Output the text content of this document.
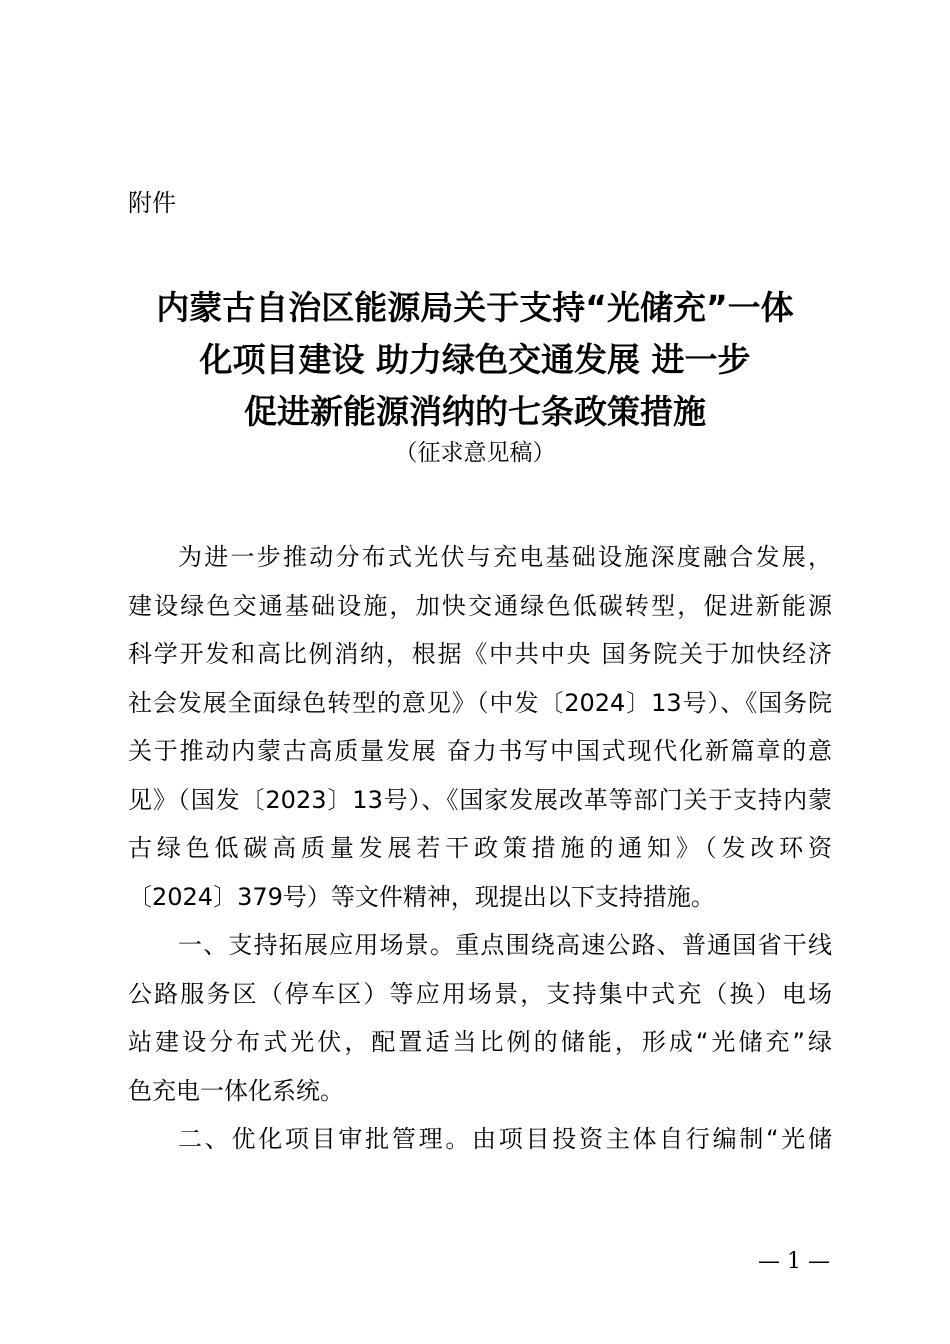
附件
内蒙古自治区能源局关于支持“光储充”一体
化项目建设 助力绿色交通发展 进一步
促进新能源消纳的七条政策措施
（征求意见稿）
为进一步推动分布式光伏与充电基础设施深度融合发展，
建设绿色交通基础设施，加快交通绿色低碳转型，促进新能源
科学开发和高比例消纳，根据《中共中央 国务院关于加快经济
社会发展全面绿色转型的意见》（中发〔2024〕13号）、《国务院
关于推动内蒙古高质量发展 奋力书写中国式现代化新篇章的意
见》（国发〔2023〕13号）、《国家发展改革等部门关于支持内蒙
古绿色低碳高质量发展若干政策措施的通知》（发改环资
〔2024〕379号）等文件精神，现提出以下支持措施。
一、支持拓展应用场景。重点围绕高速公路、普通国省干线
公路服务区（停车区）等应用场景，支持集中式充（换）电场
站建设分布式光伏，配置适当比例的储能，形成“光储充”绿
色充电一体化系统。
二、优化项目审批管理。由项目投资主体自行编制“光储
— 1 —
